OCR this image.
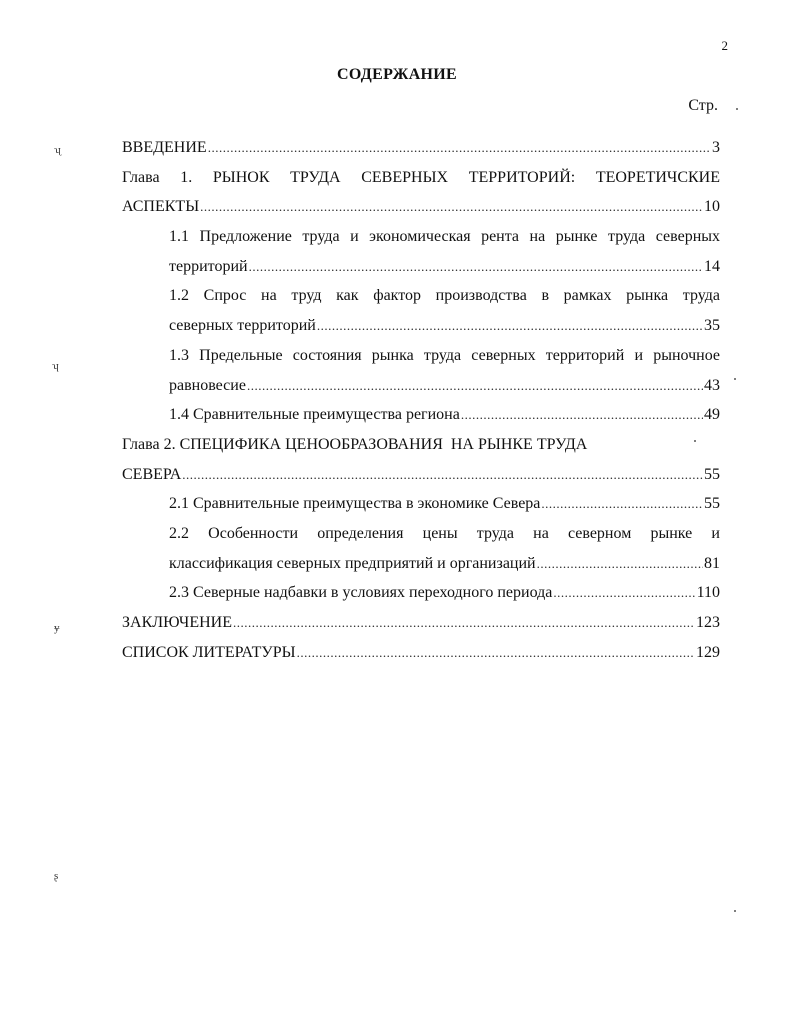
2
СОДЕРЖАНИЕ
Стр.
ВВЕДЕНИЕ .....	3
Глава 1. РЫНОК ТРУДА СЕВЕРНЫХ ТЕРРИТОРИЙ: ТЕОРЕТИЧСКИЕ
АСПЕКТЫ .....	10
1.1 Предложение труда и экономическая рента на рынке труда северных
территорий .....	14
1.2 Спрос на труд как фактор производства в рамках рынка труда
северных территорий .....	35
1.3 Предельные состояния рынка труда северных территорий и рыночное
равновесие .....	43
1.4 Сравнительные преимущества региона .....	49
Глава 2. СПЕЦИФИКА ЦЕНООБРАЗОВАНИЯ  НА РЫНКЕ ТРУДА
СЕВЕРА .....	55
2.1 Сравнительные преимущества в экономике Севера .....	55
2.2 Особенности определения цены труда на северном рынке и
классификация северных предприятий и организаций .....	81
2.3 Северные надбавки в условиях переходного периода .....	110
ЗАКЛЮЧЕНИЕ .....	123
СПИСОК ЛИТЕРАТУРЫ .....	129
ʯ
ʮ
ɏ
ʂ
